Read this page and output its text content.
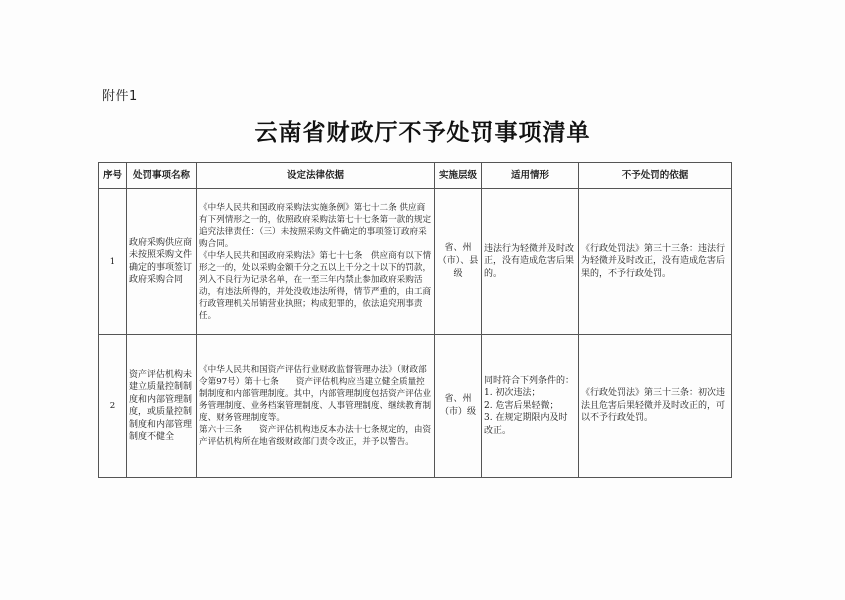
附件1
云南省财政厅不予处罚事项清单
序号	处罚事项名称	设定法律依据	实施层级	适用情形	不予处罚的依据
1	政府采购供应商未按照采购文件确定的事项签订政府采购合同	《中华人民共和国政府采购法实施条例》第七十二条 供应商有下列情形之一的，依照政府采购法第七十七条第一款的规定追究法律责任：（三）未按照采购文件确定的事项签订政府采购合同。
《中华人民共和国政府采购法》第七十七条　供应商有以下情形之一的，处以采购金额千分之五以上千分之十以下的罚款，列入不良行为记录名单，在一至三年内禁止参加政府采购活动，有违法所得的，并处没收违法所得，情节严重的，由工商行政管理机关吊销营业执照；构成犯罪的，依法追究刑事责任。	省、州（市）、县级	违法行为轻微并及时改正，没有造成危害后果的。	《行政处罚法》第三十三条：违法行为轻微并及时改正，没有造成危害后果的，不予行政处罚。
2	资产评估机构未建立质量控制制度和内部管理制度，或质量控制制度和内部管理制度不健全	《中华人民共和国资产评估行业财政监督管理办法》（财政部令第97号）第十七条　　资产评估机构应当建立健全质量控制制度和内部管理制度。其中，内部管理制度包括资产评估业务管理制度、业务档案管理制度、人事管理制度、继续教育制度、财务管理制度等。
第六十三条　　资产评估机构违反本办法十七条规定的，由资产评估机构所在地省级财政部门责令改正，并予以警告。	省、州（市）级	同时符合下列条件的：
1. 初次违法；
2. 危害后果轻微；
3. 在规定期限内及时改正。	《行政处罚法》第三十三条：初次违法且危害后果轻微并及时改正的，可以不予行政处罚。
